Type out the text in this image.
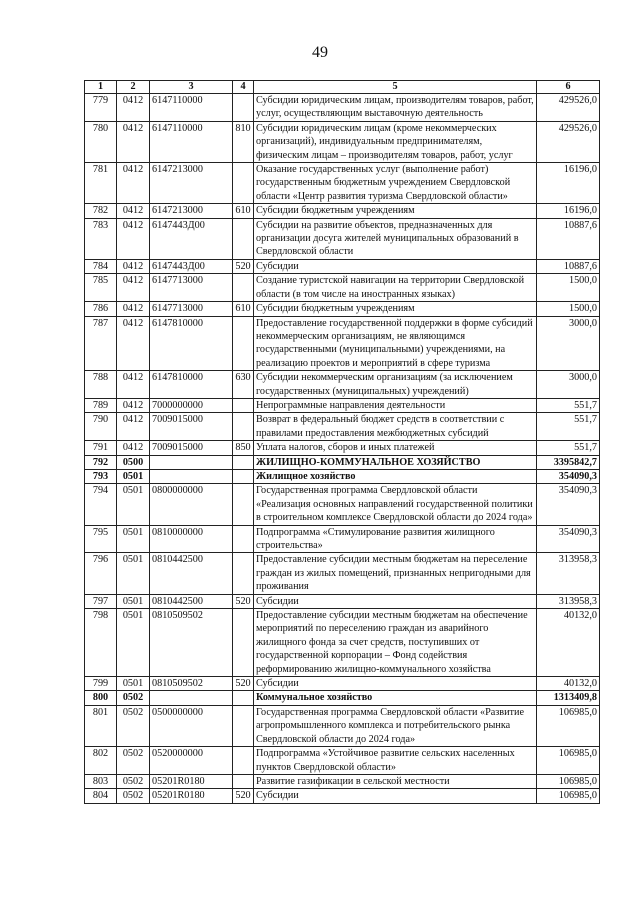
49
1	2	3	4	5	6
779	0412	6147110000		Субсидии юридическим лицам, производителям товаров, работ, услуг, осуществляющим выставочную деятельность	429526,0
780	0412	6147110000	810	Субсидии юридическим лицам (кроме некоммерческих организаций), индивидуальным предпринимателям, физическим лицам – производителям товаров, работ, услуг	429526,0
781	0412	6147213000		Оказание государственных услуг (выполнение работ) государственным бюджетным учреждением Свердловской области «Центр развития туризма Свердловской области»	16196,0
782	0412	6147213000	610	Субсидии бюджетным учреждениям	16196,0
783	0412	6147443Д00		Субсидии на развитие объектов, предназначенных для организации досуга жителей муниципальных образований в Свердловской области	10887,6
784	0412	6147443Д00	520	Субсидии	10887,6
785	0412	6147713000		Создание туристской навигации на территории Свердловской области (в том числе на иностранных языках)	1500,0
786	0412	6147713000	610	Субсидии бюджетным учреждениям	1500,0
787	0412	6147810000		Предоставление государственной поддержки в форме субсидий некоммерческим организациям, не являющимся государственными (муниципальными) учреждениями, на реализацию проектов и мероприятий в сфере туризма	3000,0
788	0412	6147810000	630	Субсидии некоммерческим организациям (за исключением государственных (муниципальных) учреждений)	3000,0
789	0412	7000000000		Непрограммные направления деятельности	551,7
790	0412	7009015000		Возврат в федеральный бюджет средств в соответствии с правилами предоставления межбюджетных субсидий	551,7
791	0412	7009015000	850	Уплата налогов, сборов и иных платежей	551,7
792	0500			ЖИЛИЩНО-КОММУНАЛЬНОЕ ХОЗЯЙСТВО	3395842,7
793	0501			Жилищное хозяйство	354090,3
794	0501	0800000000		Государственная программа Свердловской области «Реализация основных направлений государственной политики в строительном комплексе Свердловской области до 2024 года»	354090,3
795	0501	0810000000		Подпрограмма «Стимулирование развития жилищного строительства»	354090,3
796	0501	0810442500		Предоставление субсидии местным бюджетам на переселение граждан из жилых помещений, признанных непригодными для проживания	313958,3
797	0501	0810442500	520	Субсидии	313958,3
798	0501	0810509502		Предоставление субсидии местным бюджетам на обеспечение мероприятий по переселению граждан из аварийного жилищного фонда за счет средств, поступивших от государственной корпорации – Фонд содействия реформированию жилищно-коммунального хозяйства	40132,0
799	0501	0810509502	520	Субсидии	40132,0
800	0502			Коммунальное хозяйство	1313409,8
801	0502	0500000000		Государственная программа Свердловской области «Развитие агропромышленного комплекса и потребительского рынка Свердловской области до 2024 года»	106985,0
802	0502	0520000000		Подпрограмма «Устойчивое развитие сельских населенных пунктов Свердловской области»	106985,0
803	0502	05201R0180		Развитие газификации в сельской местности	106985,0
804	0502	05201R0180	520	Субсидии	106985,0
